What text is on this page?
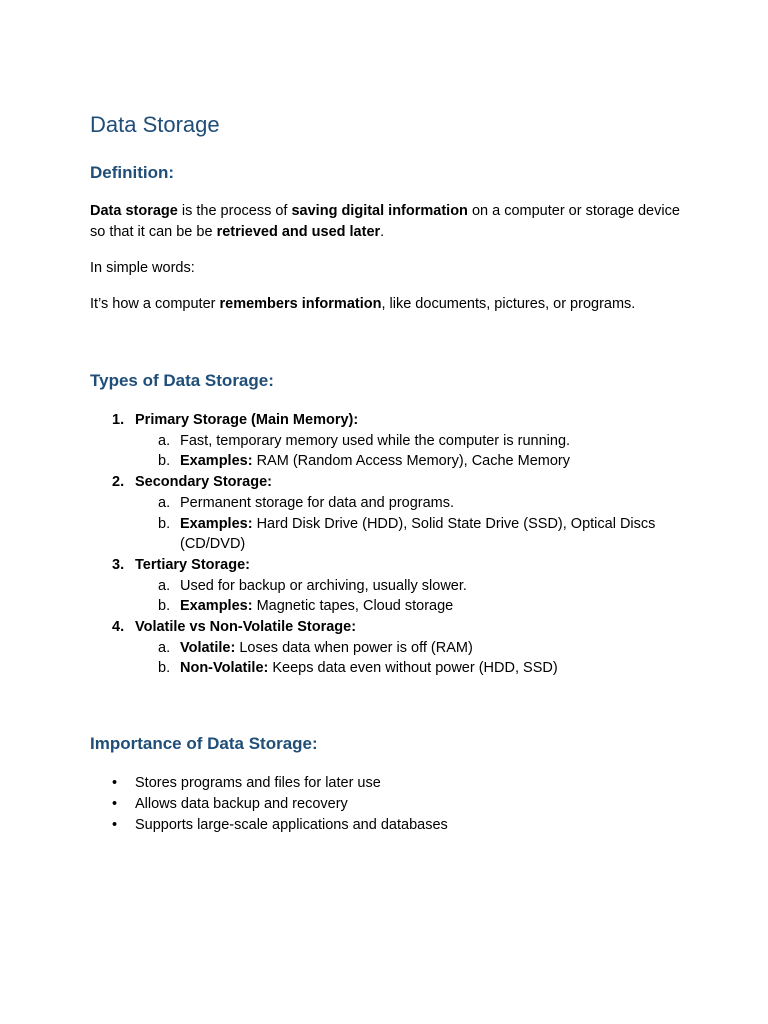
Data Storage
Definition:

Data storage is the process of saving digital information on a computer or storage device so that it can be be retrieved and used later.

In simple words:

It’s how a computer remembers information, like documents, pictures, or programs.

Types of Data Storage:
1. Primary Storage (Main Memory):
a. Fast, temporary memory used while the computer is running.
b. Examples: RAM (Random Access Memory), Cache Memory
2. Secondary Storage:
a. Permanent storage for data and programs.
b. Examples: Hard Disk Drive (HDD), Solid State Drive (SSD), Optical Discs (CD/DVD)
3. Tertiary Storage:
a. Used for backup or archiving, usually slower.
b. Examples: Magnetic tapes, Cloud storage
4. Volatile vs Non-Volatile Storage:
a. Volatile: Loses data when power is off (RAM)
b. Non-Volatile: Keeps data even without power (HDD, SSD)
Importance of Data Storage:
• Stores programs and files for later use
• Allows data backup and recovery
• Supports large-scale applications and databases
